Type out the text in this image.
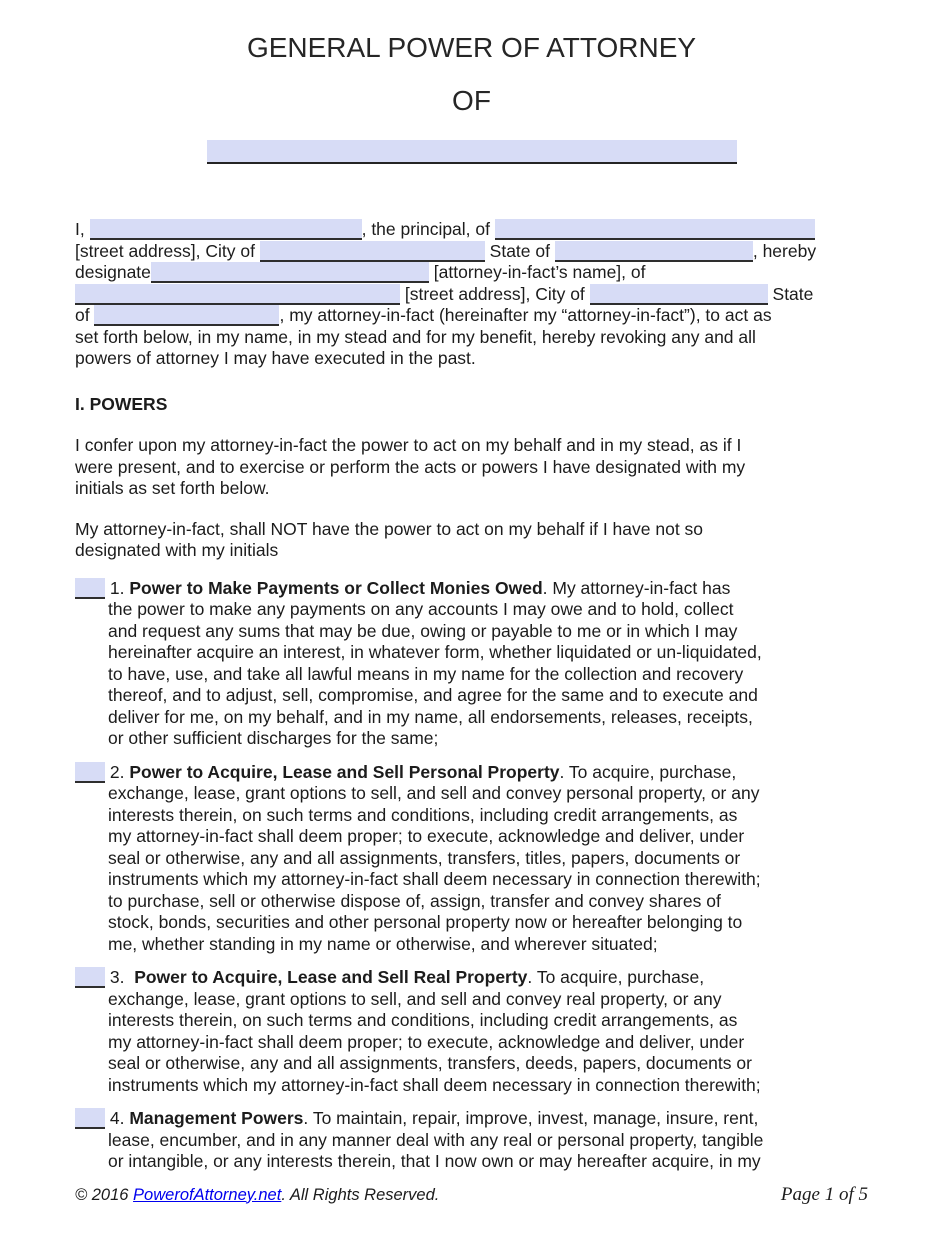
GENERAL POWER OF ATTORNEY
OF
I,	, the principal, of
[street address], City of	State of	, hereby
designate	[attorney-in-fact’s name], of
[street address], City of	State
of	, my attorney-in-fact (hereinafter my “attorney-in-fact”), to act as
set forth below, in my name, in my stead and for my benefit, hereby revoking any and all
powers of attorney I may have executed in the past.
I. POWERS
I confer upon my attorney-in-fact the power to act on my behalf and in my stead, as if I
were present, and to exercise or perform the acts or powers I have designated with my
initials as set forth below.
My attorney-in-fact, shall NOT have the power to act on my behalf if I have not so
designated with my initials
1. Power to Make Payments or Collect Monies Owed. My attorney-in-fact has
the power to make any payments on any accounts I may owe and to hold, collect
and request any sums that may be due, owing or payable to me or in which I may
hereinafter acquire an interest, in whatever form, whether liquidated or un-liquidated,
to have, use, and take all lawful means in my name for the collection and recovery
thereof, and to adjust, sell, compromise, and agree for the same and to execute and
deliver for me, on my behalf, and in my name, all endorsements, releases, receipts,
or other sufficient discharges for the same;
2. Power to Acquire, Lease and Sell Personal Property. To acquire, purchase,
exchange, lease, grant options to sell, and sell and convey personal property, or any
interests therein, on such terms and conditions, including credit arrangements, as
my attorney-in-fact shall deem proper; to execute, acknowledge and deliver, under
seal or otherwise, any and all assignments, transfers, titles, papers, documents or
instruments which my attorney-in-fact shall deem necessary in connection therewith;
to purchase, sell or otherwise dispose of, assign, transfer and convey shares of
stock, bonds, securities and other personal property now or hereafter belonging to
me, whether standing in my name or otherwise, and wherever situated;
3.  Power to Acquire, Lease and Sell Real Property. To acquire, purchase,
exchange, lease, grant options to sell, and sell and convey real property, or any
interests therein, on such terms and conditions, including credit arrangements, as
my attorney-in-fact shall deem proper; to execute, acknowledge and deliver, under
seal or otherwise, any and all assignments, transfers, deeds, papers, documents or
instruments which my attorney-in-fact shall deem necessary in connection therewith;
4. Management Powers. To maintain, repair, improve, invest, manage, insure, rent,
lease, encumber, and in any manner deal with any real or personal property, tangible
or intangible, or any interests therein, that I now own or may hereafter acquire, in my
© 2016 PowerofAttorney.net. All Rights Reserved.	Page 1 of 5
